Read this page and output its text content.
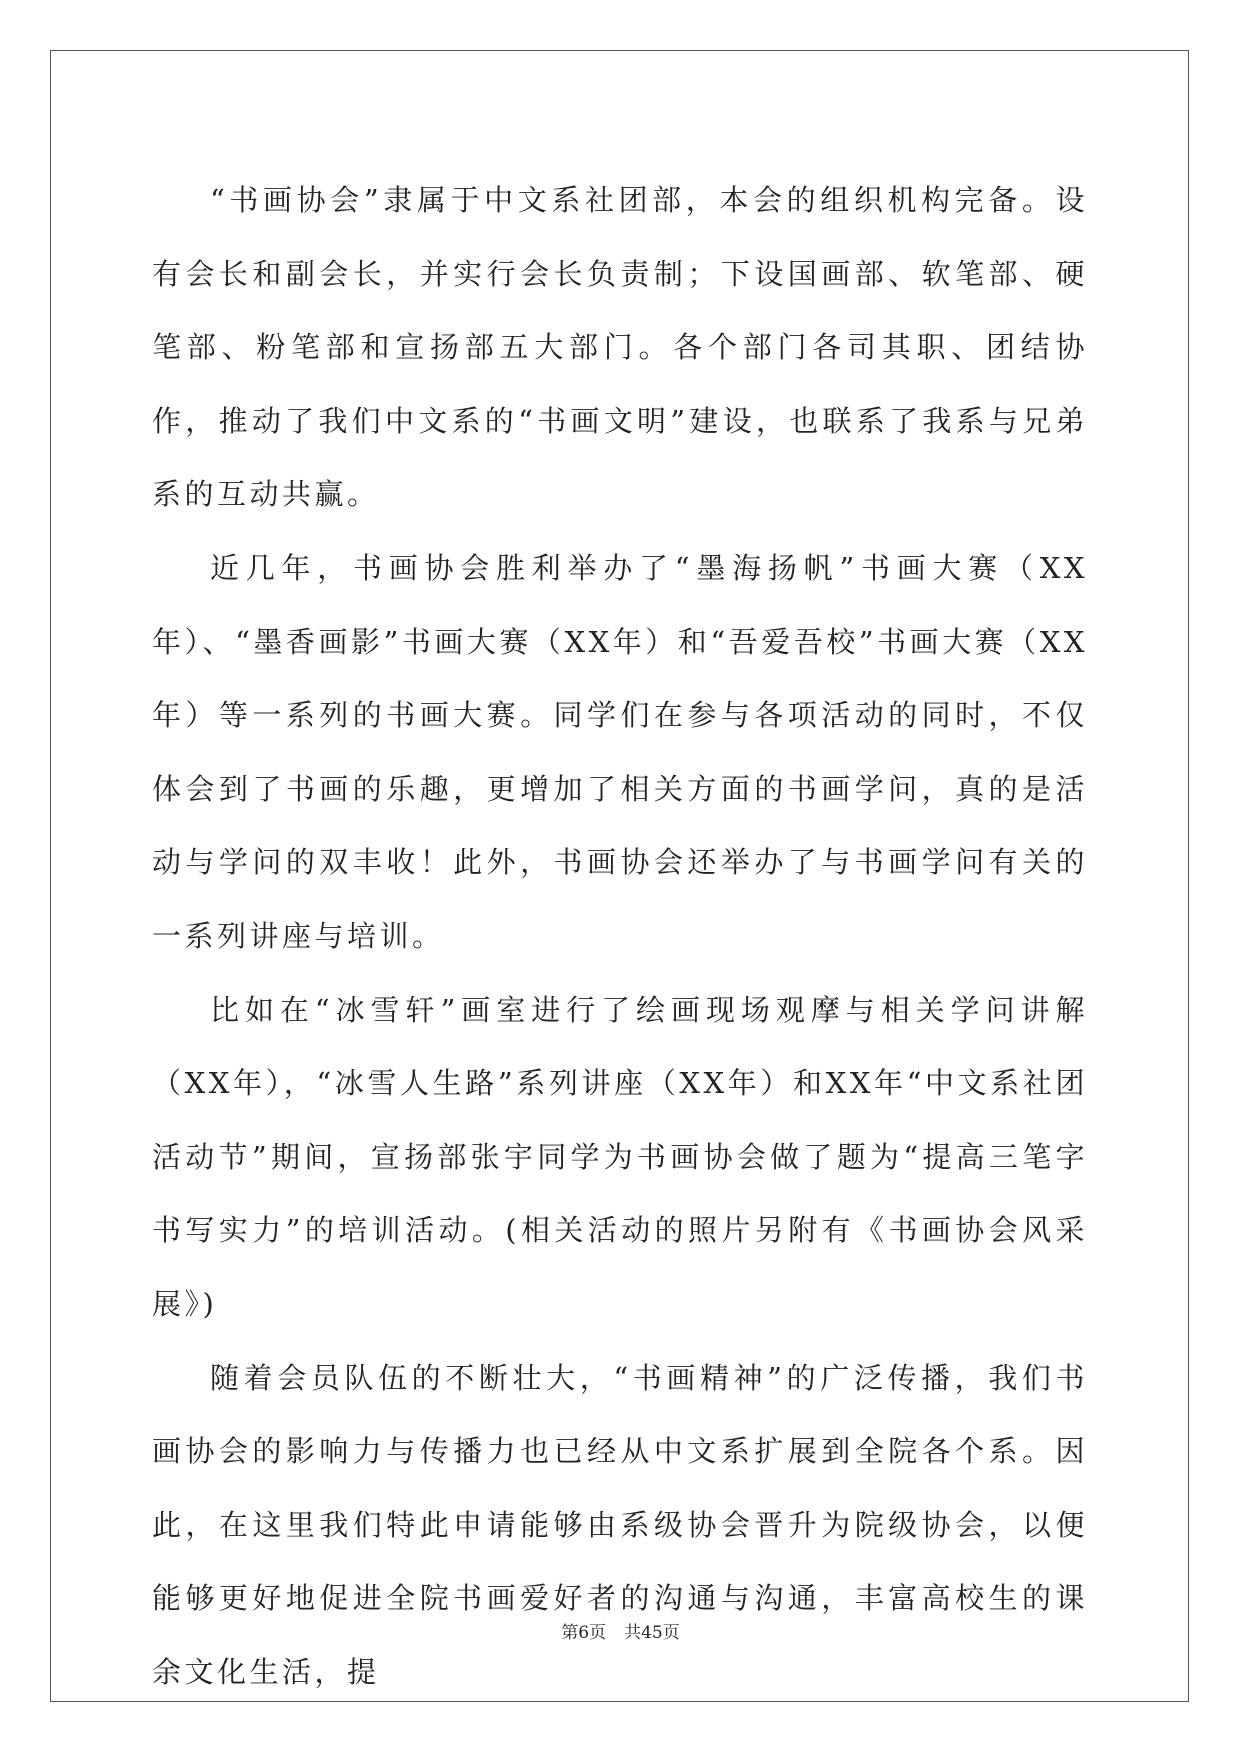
“书画协会”隶属于中文系社团部，本会的组织机构完备。设有会长和副会长，并实行会长负责制；下设国画部、软笔部、硬笔部、粉笔部和宣扬部五大部门。各个部门各司其职、团结协作，推动了我们中文系的“书画文明”建设，也联系了我系与兄弟系的互动共赢。

近几年，书画协会胜利举办了“墨海扬帆”书画大赛（XX年）、“墨香画影”书画大赛（XX年）和“吾爱吾校”书画大赛（XX年）等一系列的书画大赛。同学们在参与各项活动的同时，不仅体会到了书画的乐趣，更增加了相关方面的书画学问，真的是活动与学问的双丰收！此外，书画协会还举办了与书画学问有关的一系列讲座与培训。

比如在“冰雪轩”画室进行了绘画现场观摩与相关学问讲解（XX年），“冰雪人生路”系列讲座（XX年）和XX年“中文系社团活动节”期间，宣扬部张宇同学为书画协会做了题为“提高三笔字书写实力”的培训活动。(相关活动的照片另附有《书画协会风采展》)

随着会员队伍的不断壮大，“书画精神”的广泛传播，我们书画协会的影响力与传播力也已经从中文系扩展到全院各个系。因此，在这里我们特此申请能够由系级协会晋升为院级协会，以便能够更好地促进全院书画爱好者的沟通与沟通，丰富高校生的课余文化生活，提

第6页 共45页
